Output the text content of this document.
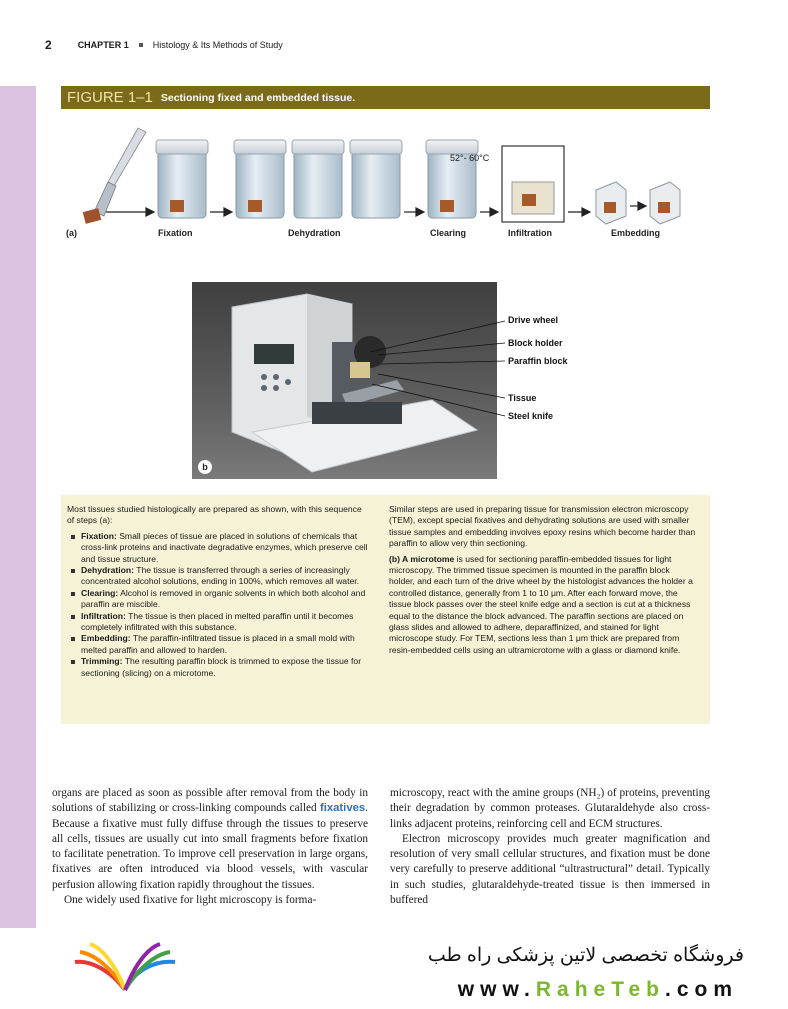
2	CHAPTER 1	Histology & Its Methods of Study
FIGURE 1–1 Sectioning fixed and embedded tissue.
52°- 60°C
(a)	Fixation	Dehydration	Clearing	Infiltration	Embedding
b
Drive wheel
Block holder
Paraffin block
Tissue
Steel knife

Most tissues studied histologically are prepared as shown, with this sequence of steps (a):

Fixation: Small pieces of tissue are placed in solutions of chemicals that cross-link proteins and inactivate degradative enzymes, which preserve cell and tissue structure.
Dehydration: The tissue is transferred through a series of increasingly concentrated alcohol solutions, ending in 100%, which removes all water.
Clearing: Alcohol is removed in organic solvents in which both alcohol and paraffin are miscible.
Infiltration: The tissue is then placed in melted paraffin until it becomes completely infiltrated with this substance.
Embedding: The paraffin-infiltrated tissue is placed in a small mold with melted paraffin and allowed to harden.
Trimming: The resulting paraffin block is trimmed to expose the tissue for sectioning (slicing) on a microtome.

Similar steps are used in preparing tissue for transmission electron microscopy (TEM), except special fixatives and dehydrating solutions are used with smaller tissue samples and embedding involves epoxy resins which become harder than paraffin to allow very thin sectioning.

(b) A microtome is used for sectioning paraffin-embedded tissues for light microscopy. The trimmed tissue specimen is mounted in the paraffin block holder, and each turn of the drive wheel by the histologist advances the holder a controlled distance, generally from 1 to 10 μm. After each forward move, the tissue block passes over the steel knife edge and a section is cut at a thickness equal to the distance the block advanced. The paraffin sections are placed on glass slides and allowed to adhere, deparaffinized, and stained for light microscope study. For TEM, sections less than 1 μm thick are prepared from resin-embedded cells using an ultramicrotome with a glass or diamond knife.

organs are placed as soon as possible after removal from the body in solutions of stabilizing or cross-linking compounds called fixatives. Because a fixative must fully diffuse through the tissues to preserve all cells, tissues are usually cut into small fragments before fixation to facilitate penetration. To improve cell preservation in large organs, fixatives are often introduced via blood vessels, with vascular perfusion allowing fixation rapidly throughout the tissues.

One widely used fixative for light microscopy is forma-

microscopy, react with the amine groups (NH₂) of proteins, preventing their degradation by common proteases. Glutaraldehyde also cross-links adjacent proteins, reinforcing cell and ECM structures.

Electron microscopy provides much greater magnification and resolution of very small cellular structures, and fixation must be done very carefully to preserve additional “ultrastructural” detail. Typically in such studies, glutaraldehyde-treated tissue is then immersed in buffered

فروشگاه تخصصی لاتین پزشکی راه طب
www.RaheTeb.com
